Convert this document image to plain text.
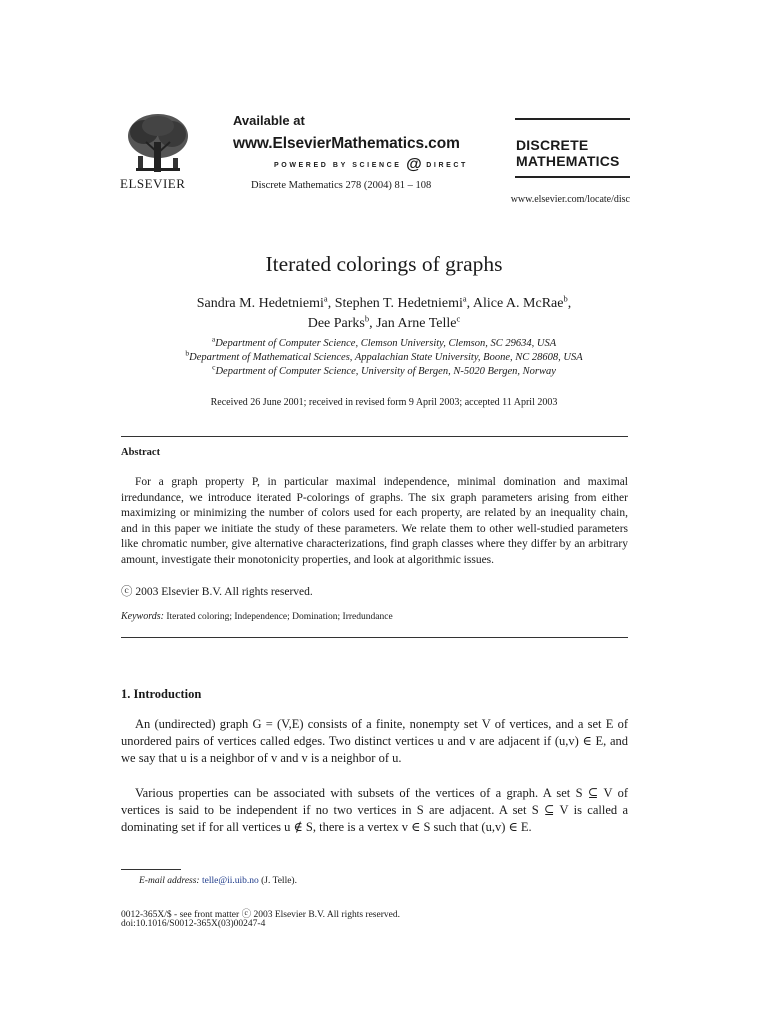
ELSEVIER
Available at
www.ElsevierMathematics.com
POWERED BY SCIENCE @ DIRECT
Discrete Mathematics 278 (2004) 81 – 108
DISCRETE
MATHEMATICS
www.elsevier.com/locate/disc
Iterated colorings of graphs
Sandra M. Hedetniemi$^a$, Stephen T. Hedetniemi$^a$, Alice A. McRae$^b$,
Dee Parks$^b$, Jan Arne Telle$^c$
$^a$Department of Computer Science, Clemson University, Clemson, SC 29634, USA
$^b$Department of Mathematical Sciences, Appalachian State University, Boone, NC 28608, USA
$^c$Department of Computer Science, University of Bergen, N-5020 Bergen, Norway
Received 26 June 2001; received in revised form 9 April 2003; accepted 11 April 2003
Abstract
For a graph property P, in particular maximal independence, minimal domination and maximal irredundance, we introduce iterated P-colorings of graphs. The six graph parameters arising from either maximizing or minimizing the number of colors used for each property, are related by an inequality chain, and in this paper we initiate the study of these parameters. We relate them to other well-studied parameters like chromatic number, give alternative characterizations, find graph classes where they differ by an arbitrary amount, investigate their monotonicity properties, and look at algorithmic issues.
ⓒ 2003 Elsevier B.V. All rights reserved.
Keywords: Iterated coloring; Independence; Domination; Irredundance
1. Introduction
An (undirected) graph G = (V,E) consists of a finite, nonempty set V of vertices, and a set E of unordered pairs of vertices called edges. Two distinct vertices u and v are adjacent if (u,v) ∈ E, and we say that u is a neighbor of v and v is a neighbor of u.
Various properties can be associated with subsets of the vertices of a graph. A set S ⊆ V of vertices is said to be independent if no two vertices in S are adjacent. A set S ⊆ V is called a dominating set if for all vertices u ∉ S, there is a vertex v ∈ S such that (u,v) ∈ E.
E-mail address: telle@ii.uib.no (J. Telle).
0012-365X/$ - see front matter ⓒ 2003 Elsevier B.V. All rights reserved.
doi:10.1016/S0012-365X(03)00247-4
